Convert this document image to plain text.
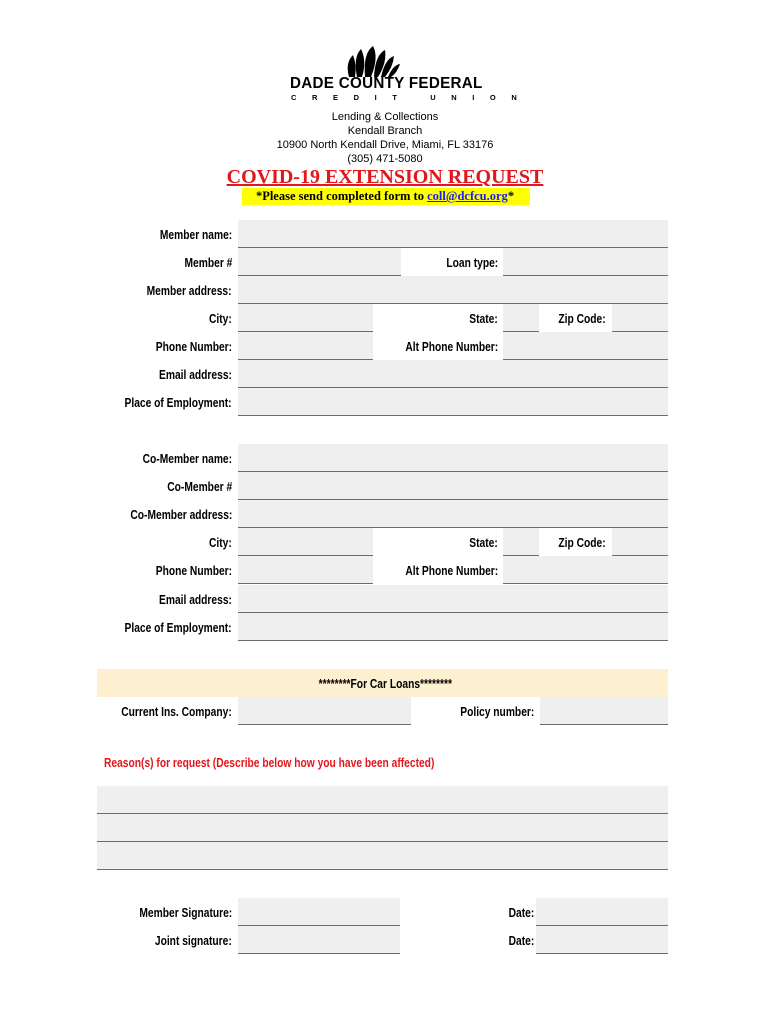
DADE COUNTY FEDERAL
CREDIT UNION
Lending & Collections
Kendall Branch
10900 North Kendall Drive, Miami, FL 33176
(305) 471-5080
COVID-19 EXTENSION REQUEST
*Please send completed form to coll@dcfcu.org*
Member name:
Member #	Loan type:
Member address:
City:	State:	Zip Code:
Phone Number:	Alt Phone Number:
Email address:
Place of Employment:
Co-Member name:
Co-Member #
Co-Member address:
City:	State:	Zip Code:
Phone Number:	Alt Phone Number:
Email address:
Place of Employment:
********For Car Loans********
Current Ins. Company:	Policy number:
Reason(s) for request (Describe below how you have been affected)
Member Signature:	Date:
Joint signature:	Date:
